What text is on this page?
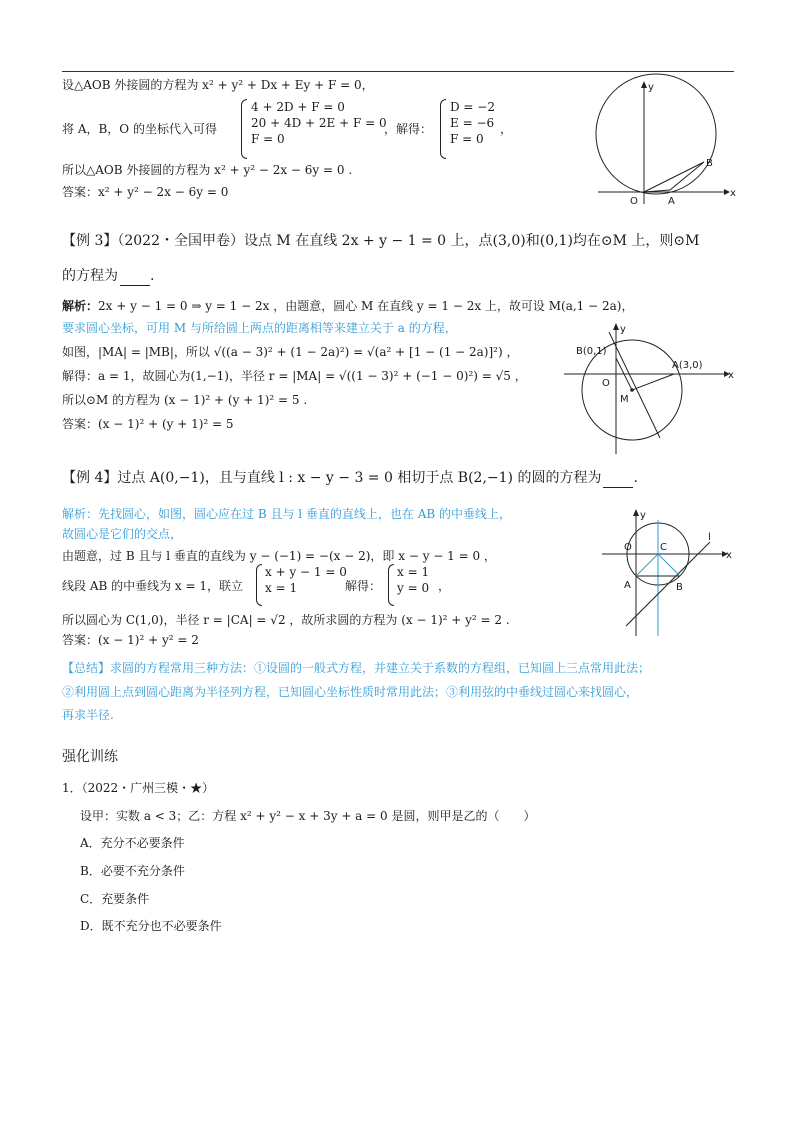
设△AOB 外接圆的方程为 x² + y² + Dx + Ey + F = 0，
将 A，B，O 的坐标代入可得
4 + 2D + F = 0
20 + 4D + 2E + F = 0
F = 0
，解得：
D = −2
E = −6
F = 0
，
所以△AOB 外接圆的方程为 x² + y² − 2x − 6y = 0 .
答案：x² + y² − 2x − 6y = 0	x
y
O	A
B
【例 3】（2022・全国甲卷）设点 M 在直线 2x + y − 1 = 0 上，点(3,0)和(0,1)均在⊙M 上，则⊙M
的方程为 .
解析：2x + y − 1 = 0 ⇒ y = 1 − 2x ，由题意，圆心 M 在直线 y = 1 − 2x 上，故可设 M(a,1 − 2a)，
要求圆心坐标，可用 M 与所给圆上两点的距离相等来建立关于 a 的方程，
如图，|MA| = |MB|，所以 √((a − 3)² + (1 − 2a)²) = √(a² + [1 − (1 − 2a)]²) ，
解得：a = 1，故圆心为(1,−1)，半径 r = |MA| = √((1 − 3)² + (−1 − 0)²) = √5 ，
所以⊙M 的方程为 (x − 1)² + (y + 1)² = 5 .
答案：(x − 1)² + (y + 1)² = 5
x
y
O
B(0,1)
A(3,0)
M
【例 4】过点 A(0,−1)，且与直线 l : x − y − 3 = 0 相切于点 B(2,−1) 的圆的方程为 .
解析：先找圆心，如图，圆心应在过 B 且与 l 垂直的直线上，也在 AB 的中垂线上，
故圆心是它们的交点，
由题意，过 B 且与 l 垂直的直线为 y − (−1) = −(x − 2)，即 x − y − 1 = 0 ，
线段 AB 的中垂线为 x = 1，联立
x + y − 1 = 0
x = 1	解得：
x = 1
y = 0 ，
所以圆心为 C(1,0)，半径 r = |CA| = √2 ，故所求圆的方程为 (x − 1)² + y² = 2 .
答案：(x − 1)² + y² = 2
x
y
O	C
A	B
l
【总结】求圆的方程常用三种方法：①设圆的一般式方程，并建立关于系数的方程组，已知圆上三点常用此法；
②利用圆上点到圆心距离为半径列方程，已知圆心坐标性质时常用此法；③利用弦的中垂线过圆心来找圆心，
再求半径.
强化训练
1．（2022・广州三模・★）
设甲：实数 a < 3；乙：方程 x² + y² − x + 3y + a = 0 是圆，则甲是乙的（　　）
A．充分不必要条件
B．必要不充分条件
C．充要条件
D．既不充分也不必要条件
